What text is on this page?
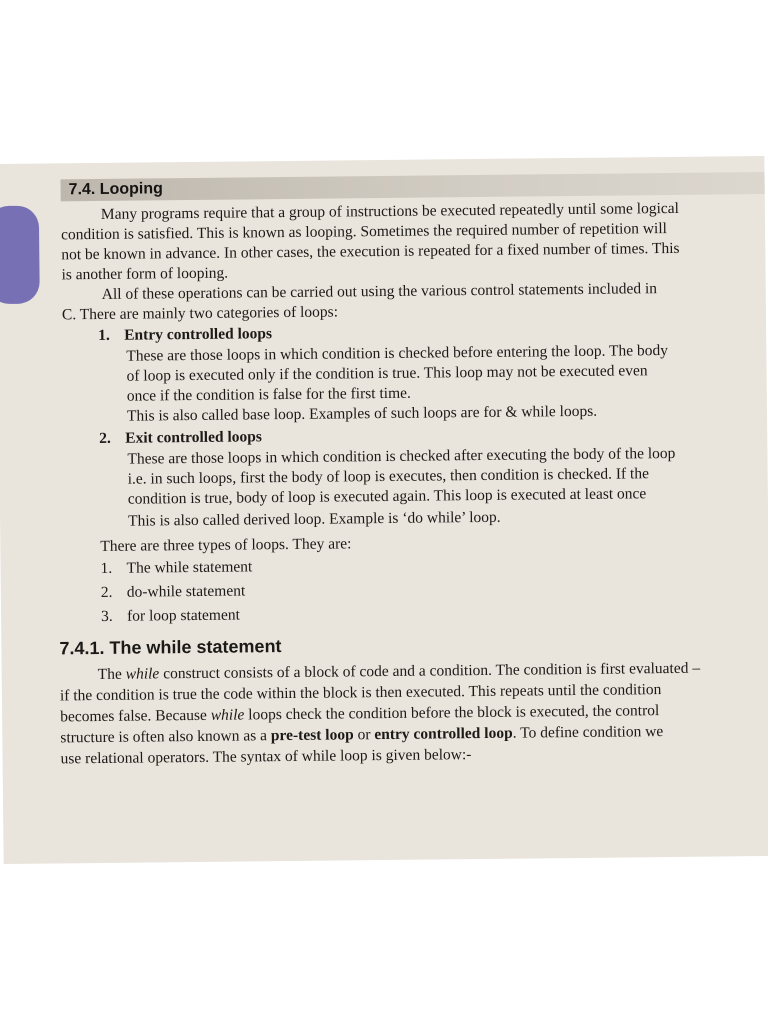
7.4. Looping
Many programs require that a group of instructions be executed repeatedly until some logical
condition is satisfied. This is known as looping. Sometimes the required number of repetition will
not be known in advance. In other cases, the execution is repeated for a fixed number of times. This
is another form of looping.
All of these operations can be carried out using the various control statements included in
C. There are mainly two categories of loops:
1. Entry controlled loops
These are those loops in which condition is checked before entering the loop. The body
of loop is executed only if the condition is true. This loop may not be executed even
once if the condition is false for the first time.
This is also called base loop. Examples of such loops are for & while loops.
2. Exit controlled loops
These are those loops in which condition is checked after executing the body of the loop
i.e. in such loops, first the body of loop is executes, then condition is checked. If the
condition is true, body of loop is executed again. This loop is executed at least once
This is also called derived loop. Example is ‘do while’ loop.
There are three types of loops. They are:
1. The while statement
2. do-while statement
3. for loop statement
7.4.1. The while statement
The while construct consists of a block of code and a condition. The condition is first evaluated –
if the condition is true the code within the block is then executed. This repeats until the condition
becomes false. Because while loops check the condition before the block is executed, the control
structure is often also known as a pre-test loop or entry controlled loop. To define condition we
use relational operators. The syntax of while loop is given below:-
